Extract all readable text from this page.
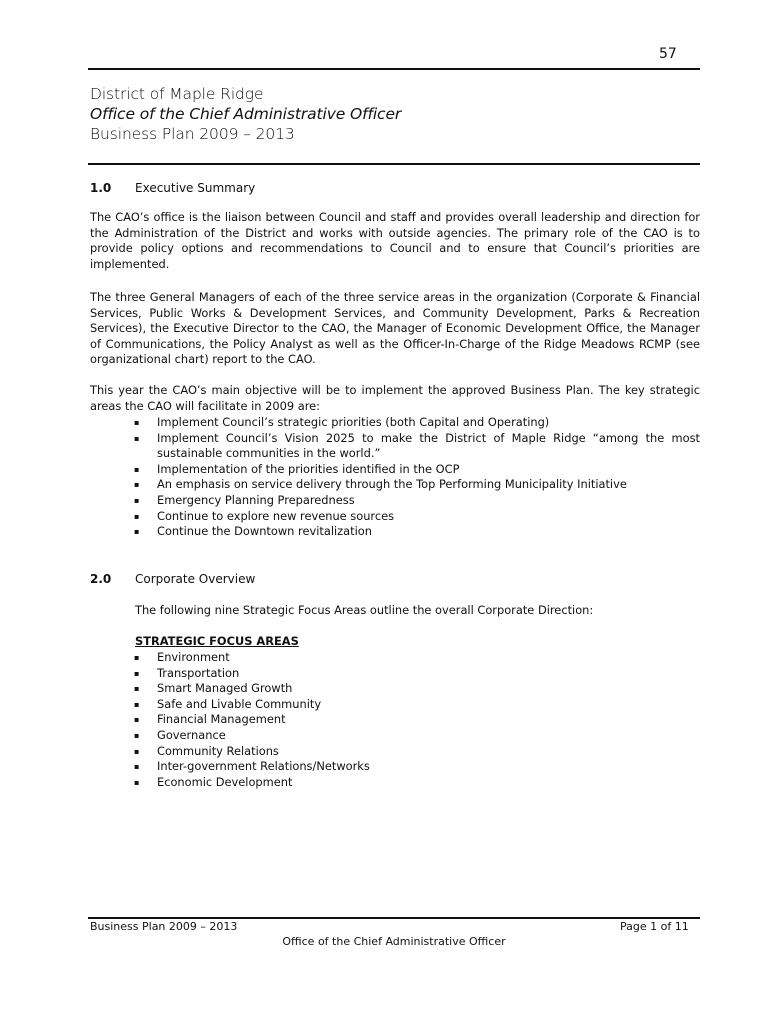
57
District of Maple Ridge
Office of the Chief Administrative Officer
Business Plan 2009 – 2013
1.0 Executive Summary
The CAO’s office is the liaison between Council and staff and provides overall leadership and direction for the Administration of the District and works with outside agencies. The primary role of the CAO is to provide policy options and recommendations to Council and to ensure that Council’s priorities are implemented.
The three General Managers of each of the three service areas in the organization (Corporate & Financial Services, Public Works & Development Services, and Community Development, Parks & Recreation Services), the Executive Director to the CAO, the Manager of Economic Development Office, the Manager of Communications, the Policy Analyst as well as the Officer-In-Charge of the Ridge Meadows RCMP (see organizational chart) report to the CAO.
This year the CAO’s main objective will be to implement the approved Business Plan. The key strategic areas the CAO will facilitate in 2009 are:
▪ Implement Council’s strategic priorities (both Capital and Operating)
▪ Implement Council’s Vision 2025 to make the District of Maple Ridge “among the most sustainable communities in the world.”
▪ Implementation of the priorities identified in the OCP
▪ An emphasis on service delivery through the Top Performing Municipality Initiative
▪ Emergency Planning Preparedness
▪ Continue to explore new revenue sources
▪ Continue the Downtown revitalization
2.0 Corporate Overview
The following nine Strategic Focus Areas outline the overall Corporate Direction:
STRATEGIC FOCUS AREAS
▪ Environment
▪ Transportation
▪ Smart Managed Growth
▪ Safe and Livable Community
▪ Financial Management
▪ Governance
▪ Community Relations
▪ Inter-government Relations/Networks
▪ Economic Development
Business Plan 2009 – 2013	Page 1 of 11
Office of the Chief Administrative Officer
